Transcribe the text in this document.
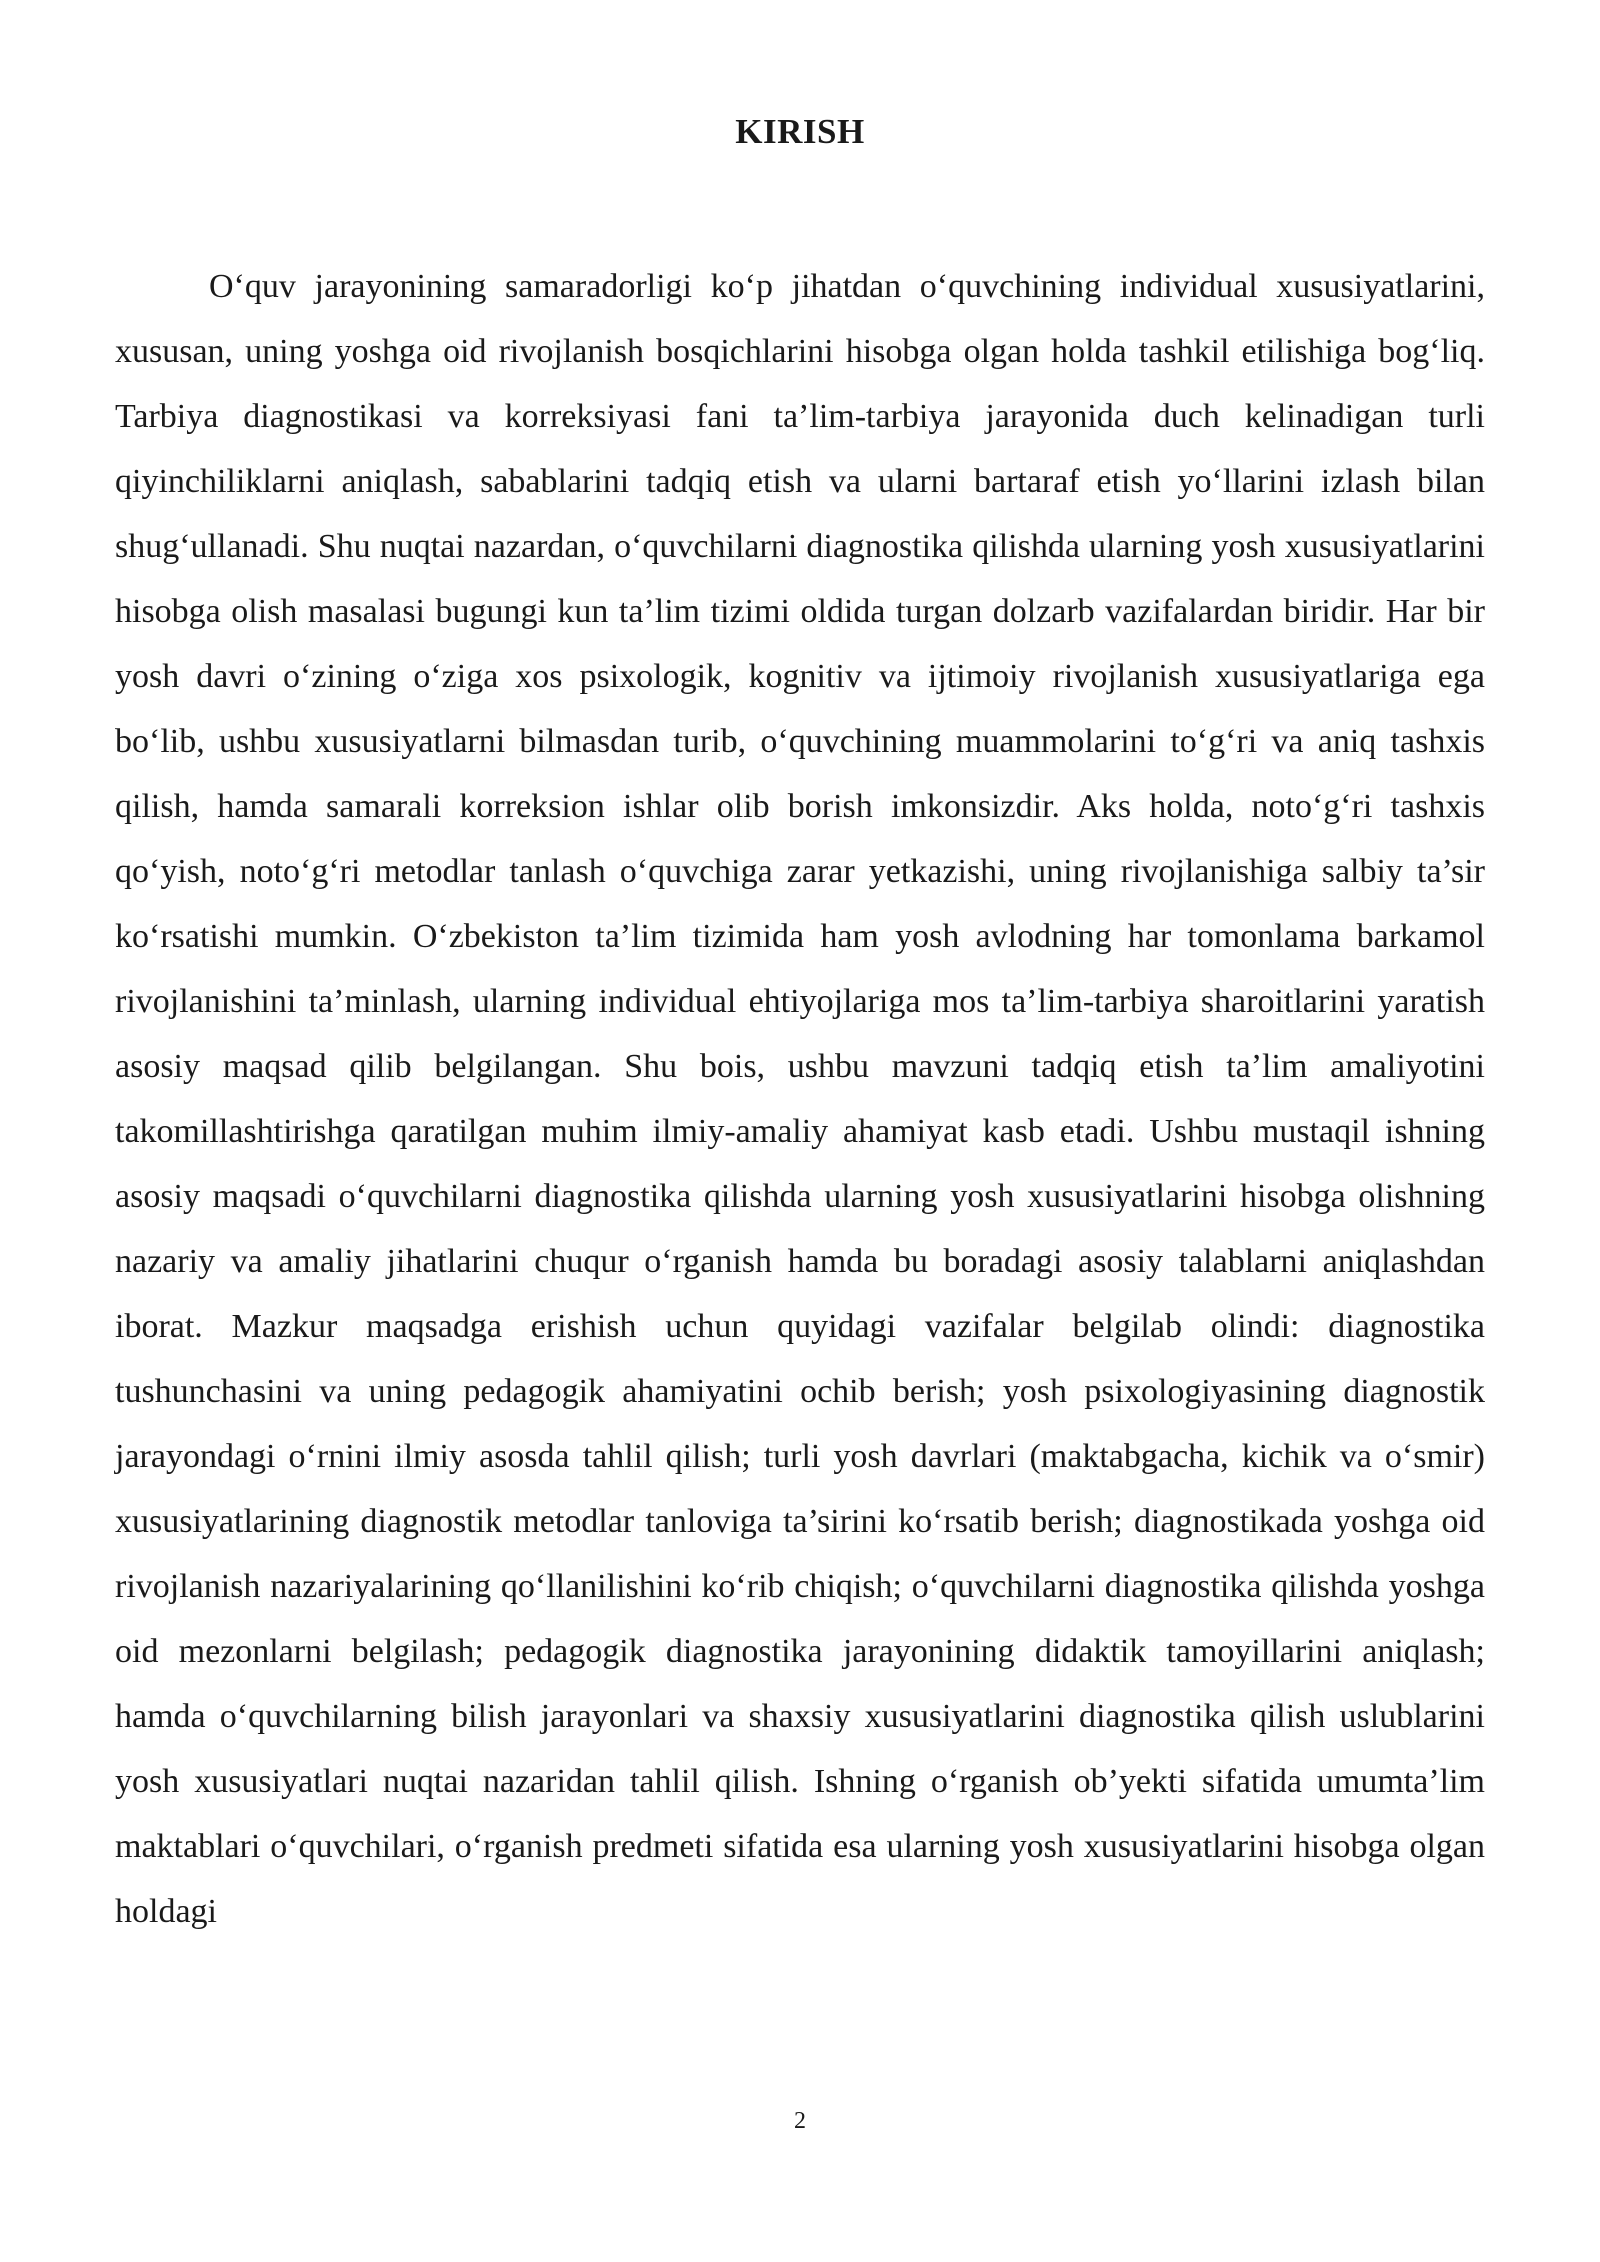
KIRISH

O‘quv jarayonining samaradorligi ko‘p jihatdan o‘quvchining individual xususiyatlarini, xususan, uning yoshga oid rivojlanish bosqichlarini hisobga olgan holda tashkil etilishiga bog‘liq. Tarbiya diagnostikasi va korreksiyasi fani ta’lim-tarbiya jarayonida duch kelinadigan turli qiyinchiliklarni aniqlash, sabablarini tadqiq etish va ularni bartaraf etish yo‘llarini izlash bilan shug‘ullanadi. Shu nuqtai nazardan, o‘quvchilarni diagnostika qilishda ularning yosh xususiyatlarini hisobga olish masalasi bugungi kun ta’lim tizimi oldida turgan dolzarb vazifalardan biridir. Har bir yosh davri o‘zining o‘ziga xos psixologik, kognitiv va ijtimoiy rivojlanish xususiyatlariga ega bo‘lib, ushbu xususiyatlarni bilmasdan turib, o‘quvchining muammolarini to‘g‘ri va aniq tashxis qilish, hamda samarali korreksion ishlar olib borish imkonsizdir. Aks holda, noto‘g‘ri tashxis qo‘yish, noto‘g‘ri metodlar tanlash o‘quvchiga zarar yetkazishi, uning rivojlanishiga salbiy ta’sir ko‘rsatishi mumkin. O‘zbekiston ta’lim tizimida ham yosh avlodning har tomonlama barkamol rivojlanishini ta’minlash, ularning individual ehtiyojlariga mos ta’lim-tarbiya sharoitlarini yaratish asosiy maqsad qilib belgilangan. Shu bois, ushbu mavzuni tadqiq etish ta’lim amaliyotini takomillashtirishga qaratilgan muhim ilmiy-amaliy ahamiyat kasb etadi. Ushbu mustaqil ishning asosiy maqsadi o‘quvchilarni diagnostika qilishda ularning yosh xususiyatlarini hisobga olishning nazariy va amaliy jihatlarini chuqur o‘rganish hamda bu boradagi asosiy talablarni aniqlashdan iborat. Mazkur maqsadga erishish uchun quyidagi vazifalar belgilab olindi: diagnostika tushunchasini va uning pedagogik ahamiyatini ochib berish; yosh psixologiyasining diagnostik jarayondagi o‘rnini ilmiy asosda tahlil qilish; turli yosh davrlari (maktabgacha, kichik va o‘smir) xususiyatlarining diagnostik metodlar tanloviga ta’sirini ko‘rsatib berish; diagnostikada yoshga oid rivojlanish nazariyalarining qo‘llanilishini ko‘rib chiqish; o‘quvchilarni diagnostika qilishda yoshga oid mezonlarni belgilash; pedagogik diagnostika jarayonining didaktik tamoyillarini aniqlash; hamda o‘quvchilarning bilish jarayonlari va shaxsiy xususiyatlarini diagnostika qilish uslublarini yosh xususiyatlari nuqtai nazaridan tahlil qilish. Ishning o‘rganish ob’yekti sifatida umumta’lim maktablari o‘quvchilari, o‘rganish predmeti sifatida esa ularning yosh xususiyatlarini hisobga olgan holdagi

2
